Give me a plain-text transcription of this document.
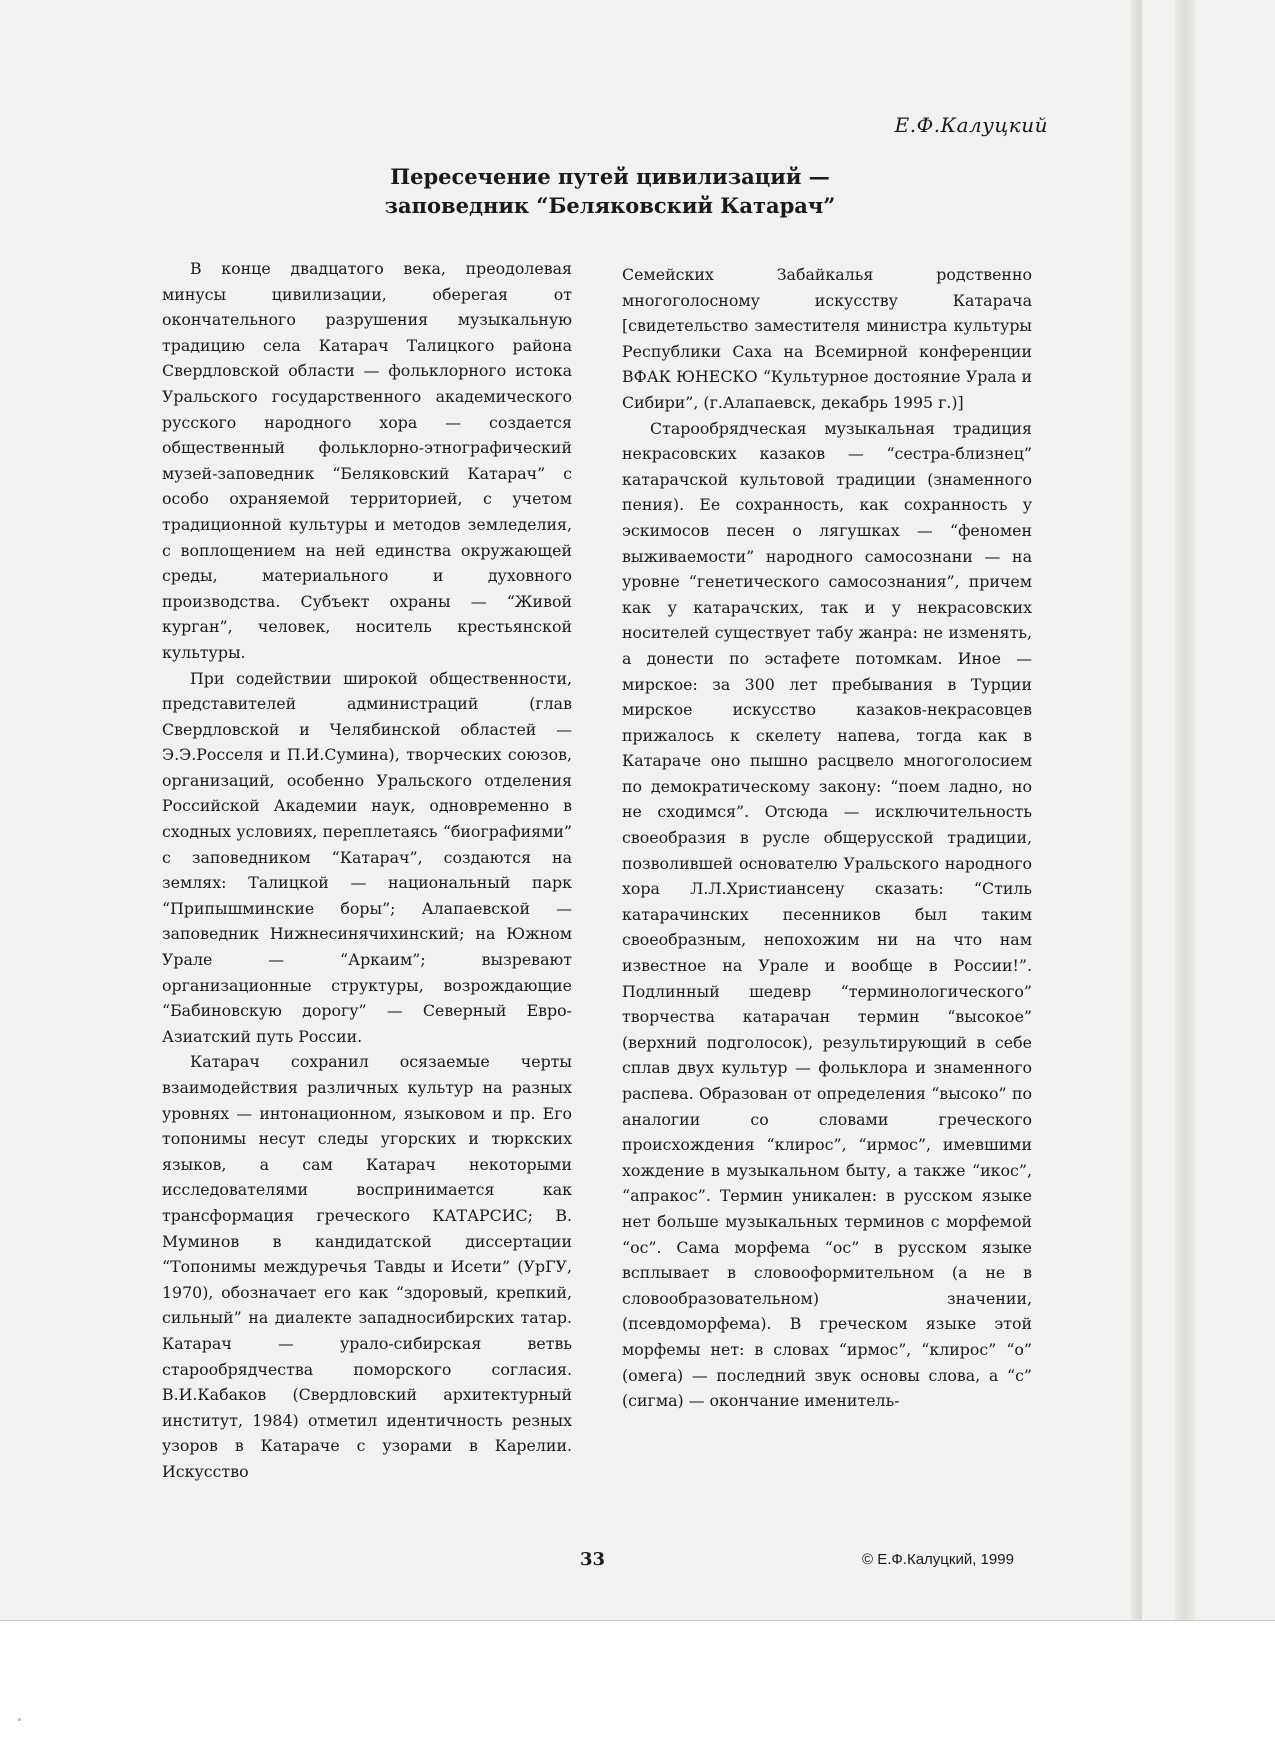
Е.Ф.Калуцкий
Пересечение путей цивилизаций —
заповедник “Беляковский Катарач”

В конце двадцатого века, преодолевая минусы цивилизации, оберегая от окончательного разрушения музыкальную традицию села Катарач Талицкого района Свердловской области — фольклорного истока Уральского государственного академического русского народного хора — создается общественный фольклорно-этнографический музей-заповедник “Беляковский Катарач” с особо охраняемой территорией, с учетом традиционной культуры и методов земледелия, с воплощением на ней единства окружающей среды, материального и духовного производства. Субъект охраны — “Живой курган”, человек, носитель крестьянской культуры.

При содействии широкой общественности, представителей администраций (глав Свердловской и Челябинской областей — Э.Э.Росселя и П.И.Сумина), творческих союзов, организаций, особенно Уральского отделения Российской Академии наук, одновременно в сходных условиях, переплетаясь “биографиями” с заповедником “Катарач”, создаются на землях: Талицкой — национальный парк “Припышминские боры”; Алапаевской — заповедник Нижнесинячихинский; на Южном Урале — “Аркаим”; вызревают организационные структуры, возрождающие “Бабиновскую дорогу” — Северный Евро-Азиатский путь России.

Катарач сохранил осязаемые черты взаимодействия различных культур на разных уровнях — интонационном, языковом и пр. Его топонимы несут следы угорских и тюркских языков, а сам Катарач некоторыми исследователями воспринимается как трансформация греческого КАТАРСИС; В. Муминов в кандидатской диссертации “Топонимы междуречья Тавды и Исети” (УрГУ, 1970), обозначает его как “здоровый, крепкий, сильный” на диалекте западносибирских татар. Катарач — урало-сибирская ветвь старообрядчества поморского согласия. В.И.Кабаков (Свердловский архитектурный институт, 1984) отметил идентичность резных узоров в Катараче с узорами в Карелии. Искусство

Семейских Забайкалья родственно многоголосному искусству Катарача [свидетельство заместителя министра культуры Республики Саха на Всемирной конференции ВФАК ЮНЕСКО “Культурное достояние Урала и Сибири”, (г.Алапаевск, декабрь 1995 г.)]

Старообрядческая музыкальная традиция некрасовских казаков — “сестра-близнец” катарачской культовой традиции (знаменного пения). Ее сохранность, как сохранность у эскимосов песен о лягушках — “феномен выживаемости” народного самосознани — на уровне “генетического самосознания”, причем как у катарачских, так и у некрасовских носителей существует табу жанра: не изменять, а донести по эстафете потомкам. Иное — мирское: за 300 лет пребывания в Турции мирское искусство казаков-некрасовцев прижалось к скелету напева, тогда как в Катараче оно пышно расцвело многоголосием по демократическому закону: “поем ладно, но не сходимся”. Отсюда — исключительность своеобразия в русле общерусской традиции, позволившей основателю Уральского народного хора Л.Л.Христиансену сказать: “Стиль катарачинских песенников был таким своеобразным, непохожим ни на что нам известное на Урале и вообще в России!”. Подлинный шедевр “терминологического” творчества катарачан термин “высокое” (верхний подголосок), результирующий в себе сплав двух культур — фольклора и знаменного распева. Образован от определения “высоко” по аналогии со словами греческого происхождения “клирос”, “ирмос”, имевшими хождение в музыкальном быту, а также “икос”, “апракос”. Термин уникален: в русском языке нет больше музыкальных терминов с морфемой “ос”. Сама морфема “ос” в русском языке всплывает в словооформительном (а не в словообразовательном) значении, (псевдоморфема). В греческом языке этой морфемы нет: в словах “ирмос”, “клирос” “о” (омега) — последний звук основы слова, а “с” (сигма) — окончание именитель-

33	© Е.Ф.Калуцкий, 1999
